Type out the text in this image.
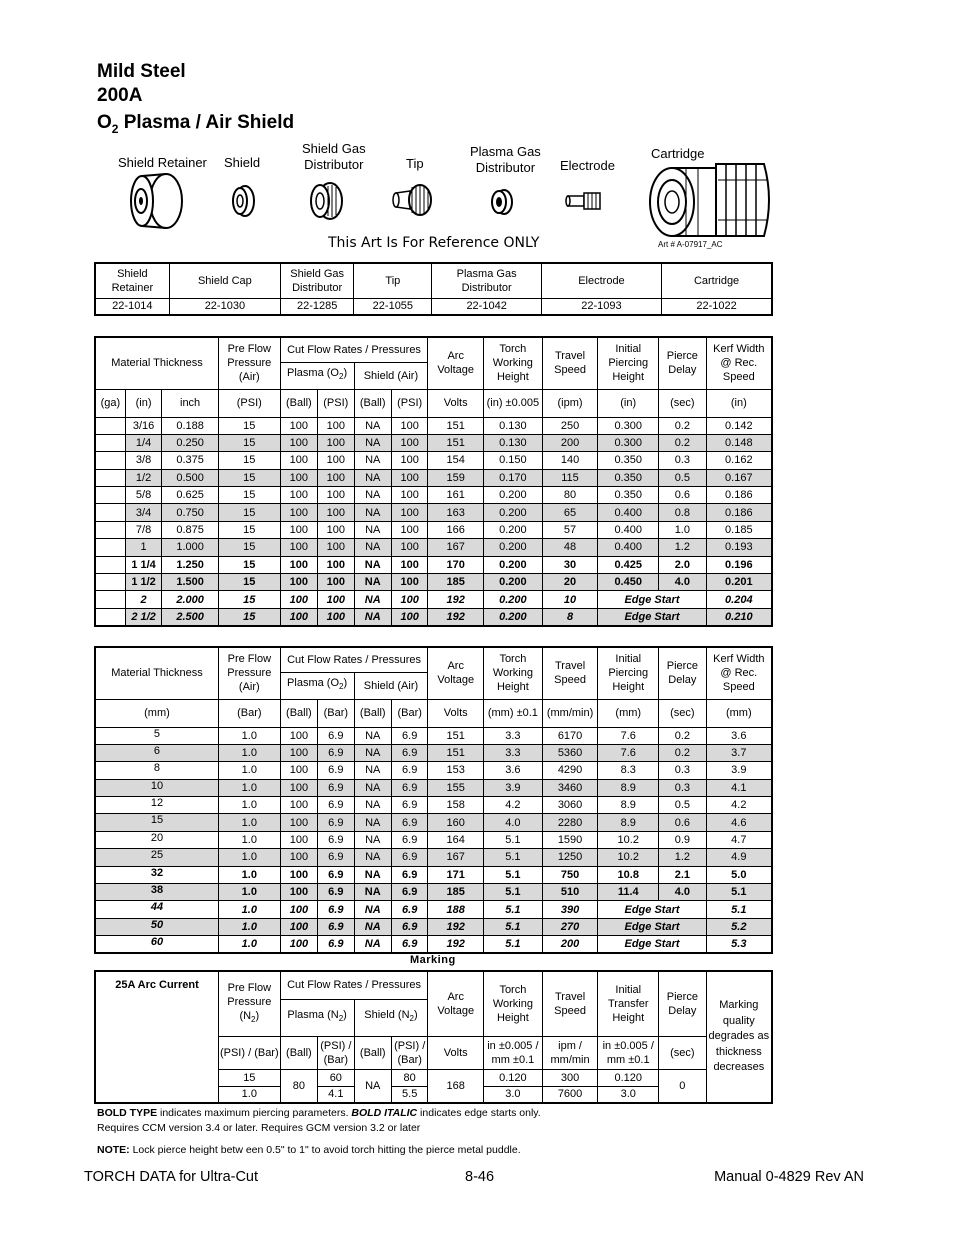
Mild Steel
200A
$O_2$ Plasma / Air Shield
Shield Retainer Shield
Shield Gas
Distributor	Tip
Plasma Gas
Distributor	Electrode
Cartridge
This Art Is For Reference ONLY	Art # A-07917_AC
Shield Retainer	Shield Cap	Shield Gas Distributor	Tip	Plasma Gas Distributor	Electrode	Cartridge
22-1014	22-1030	22-1285	22-1055	22-1042	22-1093	22-1022
Material Thickness			Pre Flow Pressure (Air)	Cut Flow Rates / Pressures				Arc Voltage	Torch Working Height	Travel Speed	Initial Piercing Height	Pierce Delay	Kerf Width @ Rec. Speed
				Plasma $(O_2)$		Shield (Air)							
(ga)	(in)	inch	(PSI)	(Ball)	(PSI)	(Ball)	(PSI)	Volts	(in) ±0.005	(ipm)	(in)	(sec)	(in)
	3/16	0.188	15	100	100	NA	100	151	0.130	250	0.300	0.2	0.142
	1/4	0.250	15	100	100	NA	100	151	0.130	200	0.300	0.2	0.148
	3/8	0.375	15	100	100	NA	100	154	0.150	140	0.350	0.3	0.162
	1/2	0.500	15	100	100	NA	100	159	0.170	115	0.350	0.5	0.167
	5/8	0.625	15	100	100	NA	100	161	0.200	80	0.350	0.6	0.186
	3/4	0.750	15	100	100	NA	100	163	0.200	65	0.400	0.8	0.186
	7/8	0.875	15	100	100	NA	100	166	0.200	57	0.400	1.0	0.185
	1	1.000	15	100	100	NA	100	167	0.200	48	0.400	1.2	0.193
	1 1/4	1.250	15	100	100	NA	100	170	0.200	30	0.425	2.0	0.196
	1 1/2	1.500	15	100	100	NA	100	185	0.200	20	0.450	4.0	0.201
	2	2.000	15	100	100	NA	100	192	0.200	10	Edge Start		0.204
	2 1/2	2.500	15	100	100	NA	100	192	0.200	8	Edge Start		0.210
Material Thickness	Pre Flow Pressure (Air)	Cut Flow Rates / Pressures				Arc Voltage	Torch Working Height	Travel Speed	Initial Piercing Height	Pierce Delay	Kerf Width @ Rec. Speed
		Plasma $(O_2)$		Shield (Air)							
(mm)	(Bar)	(Ball)	(Bar)	(Ball)	(Bar)	Volts	(mm) ±0.1	(mm/min)	(mm)	(sec)	(mm)
5	1.0	100	6.9	NA	6.9	151	3.3	6170	7.6	0.2	3.6
6	1.0	100	6.9	NA	6.9	151	3.3	5360	7.6	0.2	3.7
8	1.0	100	6.9	NA	6.9	153	3.6	4290	8.3	0.3	3.9
10	1.0	100	6.9	NA	6.9	155	3.9	3460	8.9	0.3	4.1
12	1.0	100	6.9	NA	6.9	158	4.2	3060	8.9	0.5	4.2
15	1.0	100	6.9	NA	6.9	160	4.0	2280	8.9	0.6	4.6
20	1.0	100	6.9	NA	6.9	164	5.1	1590	10.2	0.9	4.7
25	1.0	100	6.9	NA	6.9	167	5.1	1250	10.2	1.2	4.9
32	1.0	100	6.9	NA	6.9	171	5.1	750	10.8	2.1	5.0
38	1.0	100	6.9	NA	6.9	185	5.1	510	11.4	4.0	5.1
44	1.0	100	6.9	NA	6.9	188	5.1	390	Edge Start		5.1
50	1.0	100	6.9	NA	6.9	192	5.1	270	Edge Start		5.2
60	1.0	100	6.9	NA	6.9	192	5.1	200	Edge Start		5.3
Marking
25A Arc Current	Pre Flow Pressure $(N_2)$	Cut Flow Rates / Pressures				Arc Voltage	Torch Working Height	Travel Speed	Initial Transfer Height	Pierce Delay	Marking quality degrades as thickness decreases
		Plasma $(N_2)$		Shield $(N_2)$							
	(PSI) / (Bar)	(Ball)	(PSI) / (Bar)	(Ball)	(PSI) / (Bar)	Volts	in ±0.005 / mm ±0.1	ipm / mm/min	in ±0.005 / mm ±0.1	(sec)	
	15	80	60	NA	80	168	0.120	300	0.120	0	
	1.0		4.1		5.5		3.0	7600	3.0		
BOLD TYPE indicates maximum piercing parameters. BOLD ITALIC indicates edge starts only.
Requires CCM version 3.4 or later. Requires GCM version 3.2 or later
NOTE: Lock pierce height betw een 0.5" to 1" to avoid torch hitting the pierce metal puddle.
TORCH DATA for Ultra-Cut	8-46	Manual 0-4829 Rev AN
